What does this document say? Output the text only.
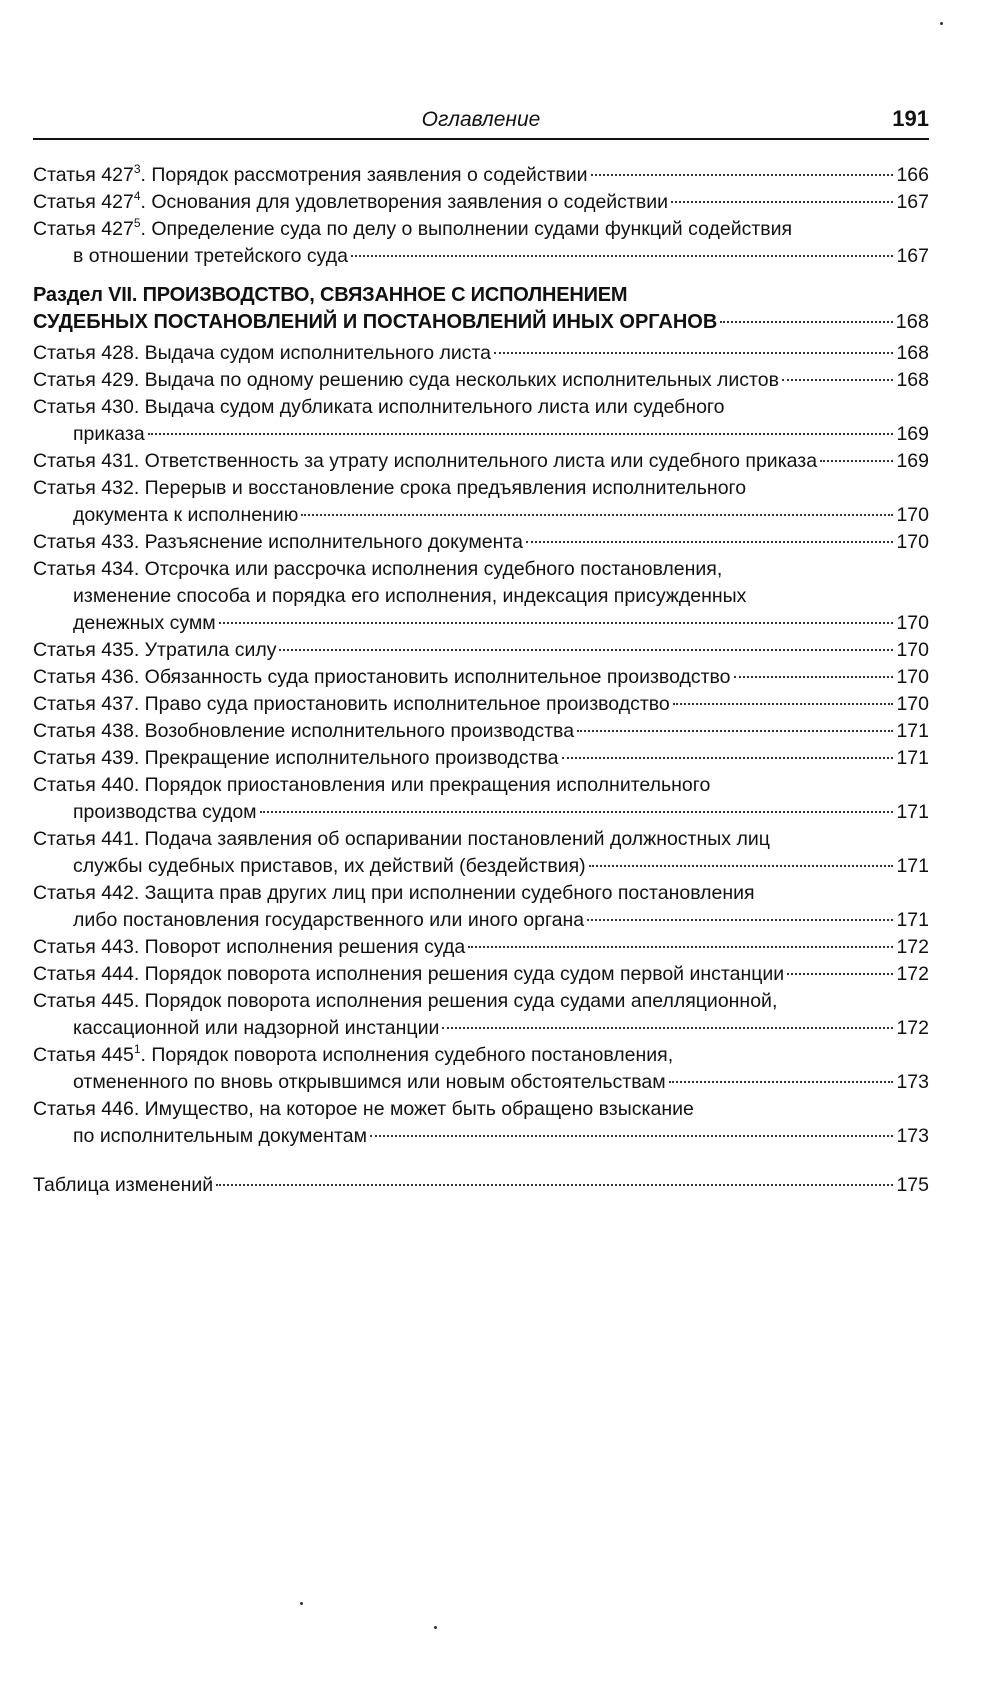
Оглавление	191
Статья $427^3$. Порядок рассмотрения заявления о содействии	166
Статья $427^4$. Основания для удовлетворения заявления о содействии	167
Статья $427^5$. Определение суда по делу о выполнении судами функций содействия
в отношении третейского суда	167
Раздел VII. ПРОИЗВОДСТВО, СВЯЗАННОЕ С ИСПОЛНЕНИЕМ
СУДЕБНЫХ ПОСТАНОВЛЕНИЙ И ПОСТАНОВЛЕНИЙ ИНЫХ ОРГАНОВ	168
Статья 428. Выдача судом исполнительного листа	168
Статья 429. Выдача по одному решению суда нескольких исполнительных листов	168
Статья 430. Выдача судом дубликата исполнительного листа или судебного
приказа	169
Статья 431. Ответственность за утрату исполнительного листа или судебного приказа	169
Статья 432. Перерыв и восстановление срока предъявления исполнительного
документа к исполнению	170
Статья 433. Разъяснение исполнительного документа	170
Статья 434. Отсрочка или рассрочка исполнения судебного постановления,
изменение способа и порядка его исполнения, индексация присужденных
денежных сумм	170
Статья 435. Утратила силу	170
Статья 436. Обязанность суда приостановить исполнительное производство	170
Статья 437. Право суда приостановить исполнительное производство	170
Статья 438. Возобновление исполнительного производства	171
Статья 439. Прекращение исполнительного производства	171
Статья 440. Порядок приостановления или прекращения исполнительного
производства судом	171
Статья 441. Подача заявления об оспаривании постановлений должностных лиц
службы судебных приставов, их действий (бездействия)	171
Статья 442. Защита прав других лиц при исполнении судебного постановления
либо постановления государственного или иного органа	171
Статья 443. Поворот исполнения решения суда	172
Статья 444. Порядок поворота исполнения решения суда судом первой инстанции	172
Статья 445. Порядок поворота исполнения решения суда судами апелляционной,
кассационной или надзорной инстанции	172
Статья $445^1$. Порядок поворота исполнения судебного постановления,
отмененного по вновь открывшимся или новым обстоятельствам	173
Статья 446. Имущество, на которое не может быть обращено взыскание
по исполнительным документам	173
Таблица изменений	175
